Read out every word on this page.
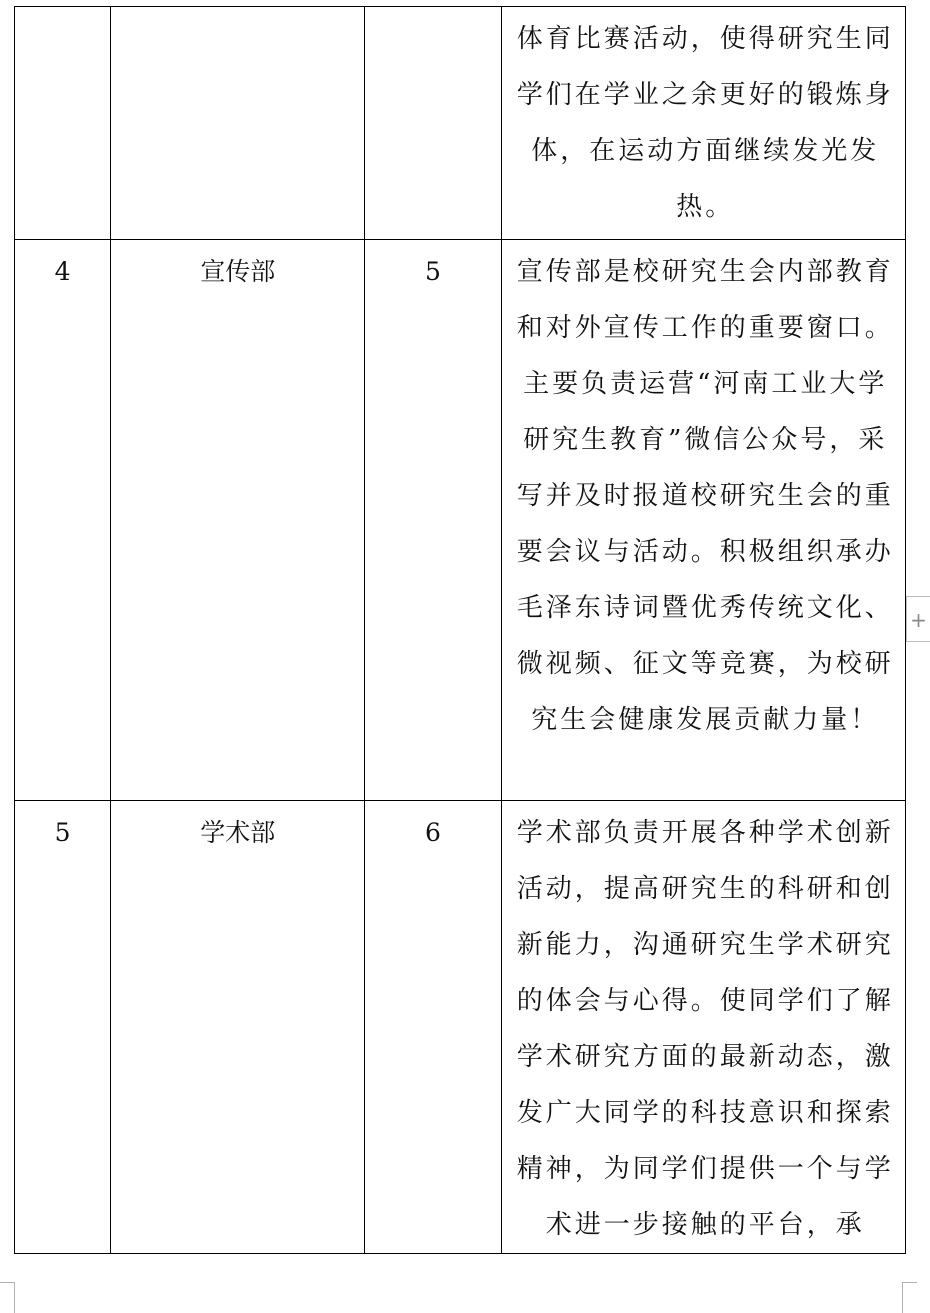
			体育比赛活动，使得研究生同学们在学业之余更好的锻炼身体，在运动方面继续发光发热。
4	宣传部	5	宣传部是校研究生会内部教育和对外宣传工作的重要窗口。主要负责运营“河南工业大学研究生教育”微信公众号，采写并及时报道校研究生会的重要会议与活动。积极组织承办毛泽东诗词暨优秀传统文化、微视频、征文等竞赛，为校研究生会健康发展贡献力量！
5	学术部	6	学术部负责开展各种学术创新活动，提高研究生的科研和创新能力，沟通研究生学术研究的体会与心得。使同学们了解学术研究方面的最新动态，激发广大同学的科技意识和探索精神，为同学们提供一个与学术进一步接触的平台，承
+
